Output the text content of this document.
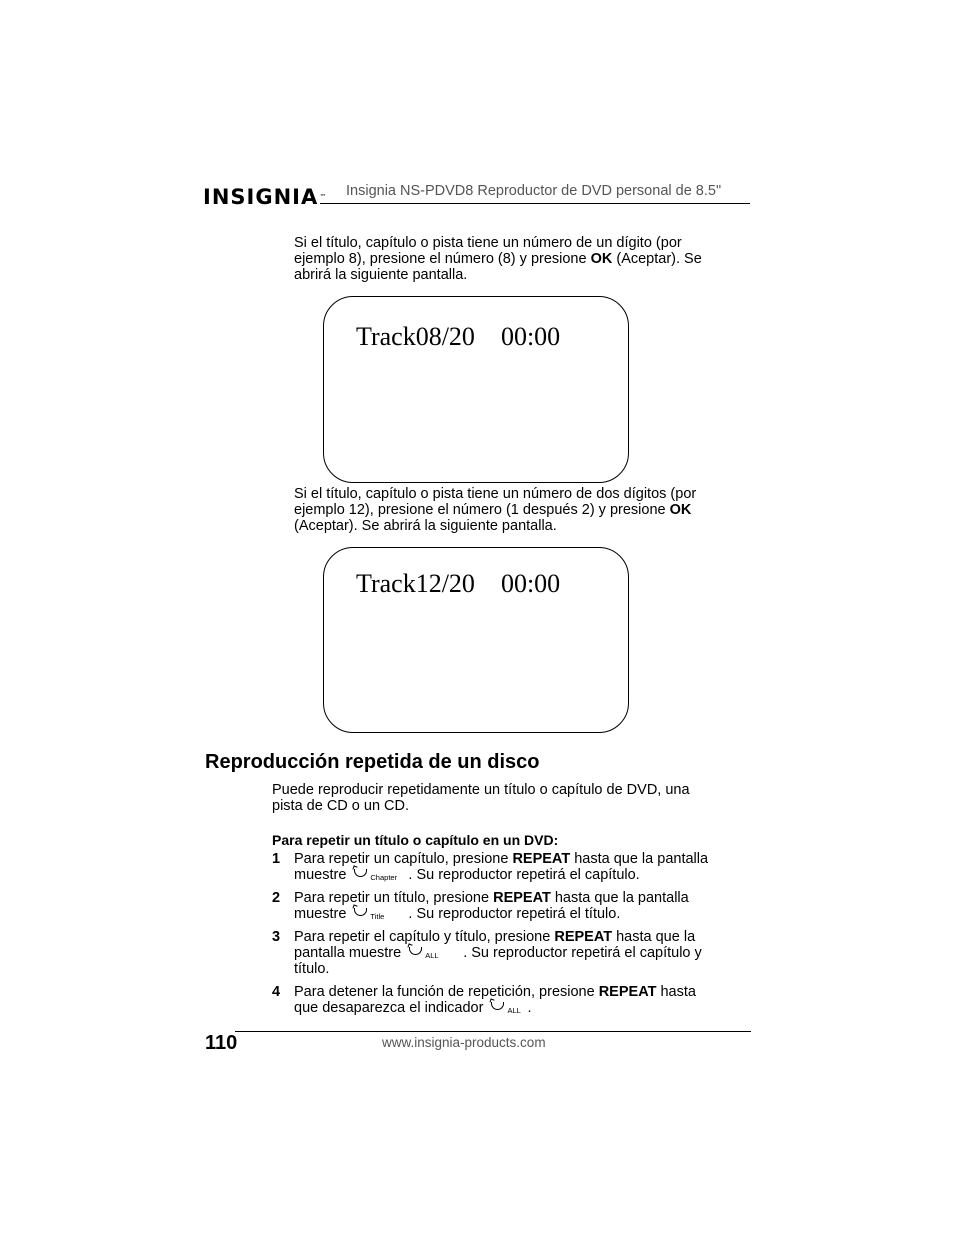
INSIGNIA™ Insignia NS-PDVD8 Reproductor de DVD personal de 8.5"
Si el título, capítulo o pista tiene un número de un dígito (por
ejemplo 8), presione el número (8) y presione OK (Aceptar). Se
abrirá la siguiente pantalla.
Track08/20 00:00
Si el título, capítulo o pista tiene un número de dos dígitos (por
ejemplo 12), presione el número (1 después 2) y presione OK
(Aceptar). Se abrirá la siguiente pantalla.
Track12/20 00:00
Reproducción repetida de un disco
Puede reproducir repetidamente un título o capítulo de DVD, una
pista de CD o un CD.
Para repetir un título o capítulo en un DVD:
1 Para repetir un capítulo, presione REPEAT hasta que la pantalla
muestre	Chapter . Su reproductor repetirá el capítulo.
2 Para repetir un título, presione REPEAT hasta que la pantalla
muestre	Title . Su reproductor repetirá el título.
3 Para repetir el capítulo y título, presione REPEAT hasta que la
pantalla muestre	ALL . Su reproductor repetirá el capítulo y
título.
4 Para detener la función de repetición, presione REPEAT hasta
que desaparezca el indicador	ALL .
110	www.insignia-products.com
